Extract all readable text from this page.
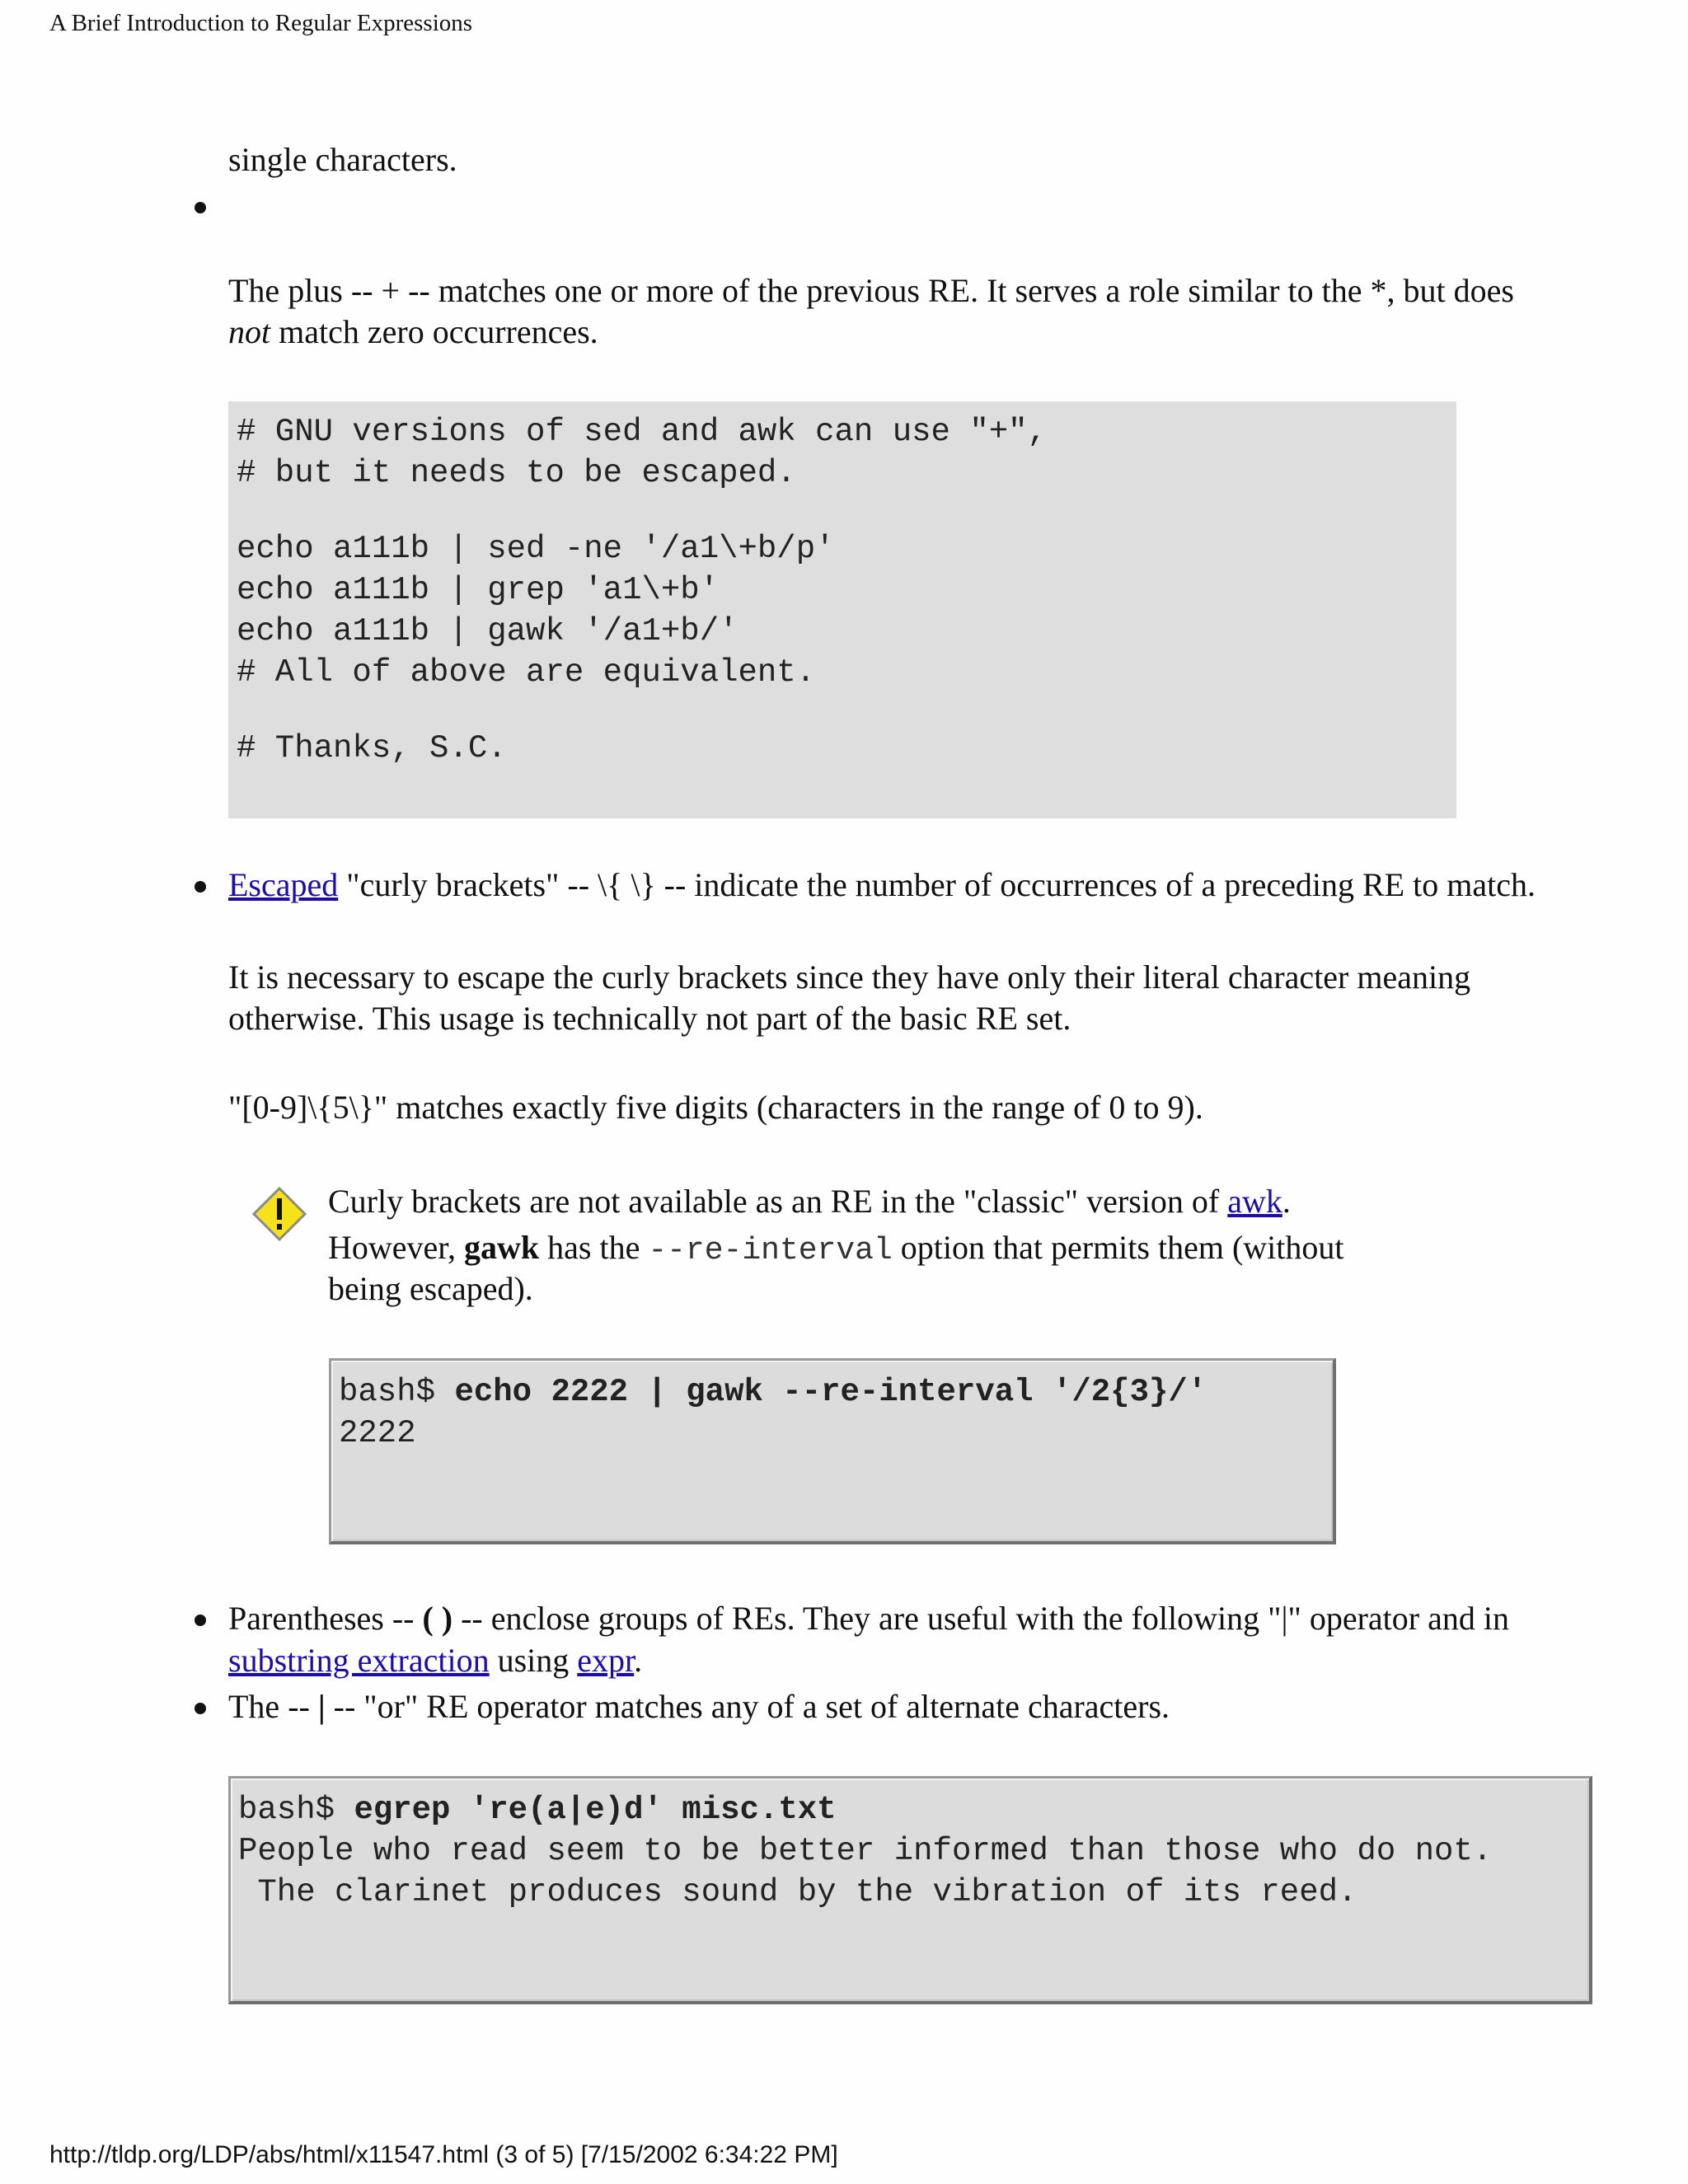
A Brief Introduction to Regular Expressions
single characters.
The plus -- + -- matches one or more of the previous RE. It serves a role similar to the *, but does
not match zero occurrences.

# GNU versions of sed and awk can use "+",
# but it needs to be escaped.
echo a111b | sed -ne '/a1\+b/p'
echo a111b | grep 'a1\+b'
echo a111b | gawk '/a1+b/'
# All of above are equivalent.
# Thanks, S.C.

Escaped "curly brackets" -- \{ \} -- indicate the number of occurrences of a preceding RE to match.
It is necessary to escape the curly brackets since they have only their literal character meaning
otherwise. This usage is technically not part of the basic RE set.
"[0-9]\{5\}" matches exactly five digits (characters in the range of 0 to 9).
Curly brackets are not available as an RE in the "classic" version of awk.
However, gawk has the --re-interval option that permits them (without
being escaped).

bash$ echo 2222 | gawk --re-interval '/2{3}/'

2222

Parentheses -- ( ) -- enclose groups of REs. They are useful with the following "|" operator and in
substring extraction using expr.
The -- | -- "or" RE operator matches any of a set of alternate characters.

bash$ egrep 're(a|e)d' misc.txt

People who read seem to be better informed than those who do not.

The clarinet produces sound by the vibration of its reed.

http://tldp.org/LDP/abs/html/x11547.html (3 of 5) [7/15/2002 6:34:22 PM]
